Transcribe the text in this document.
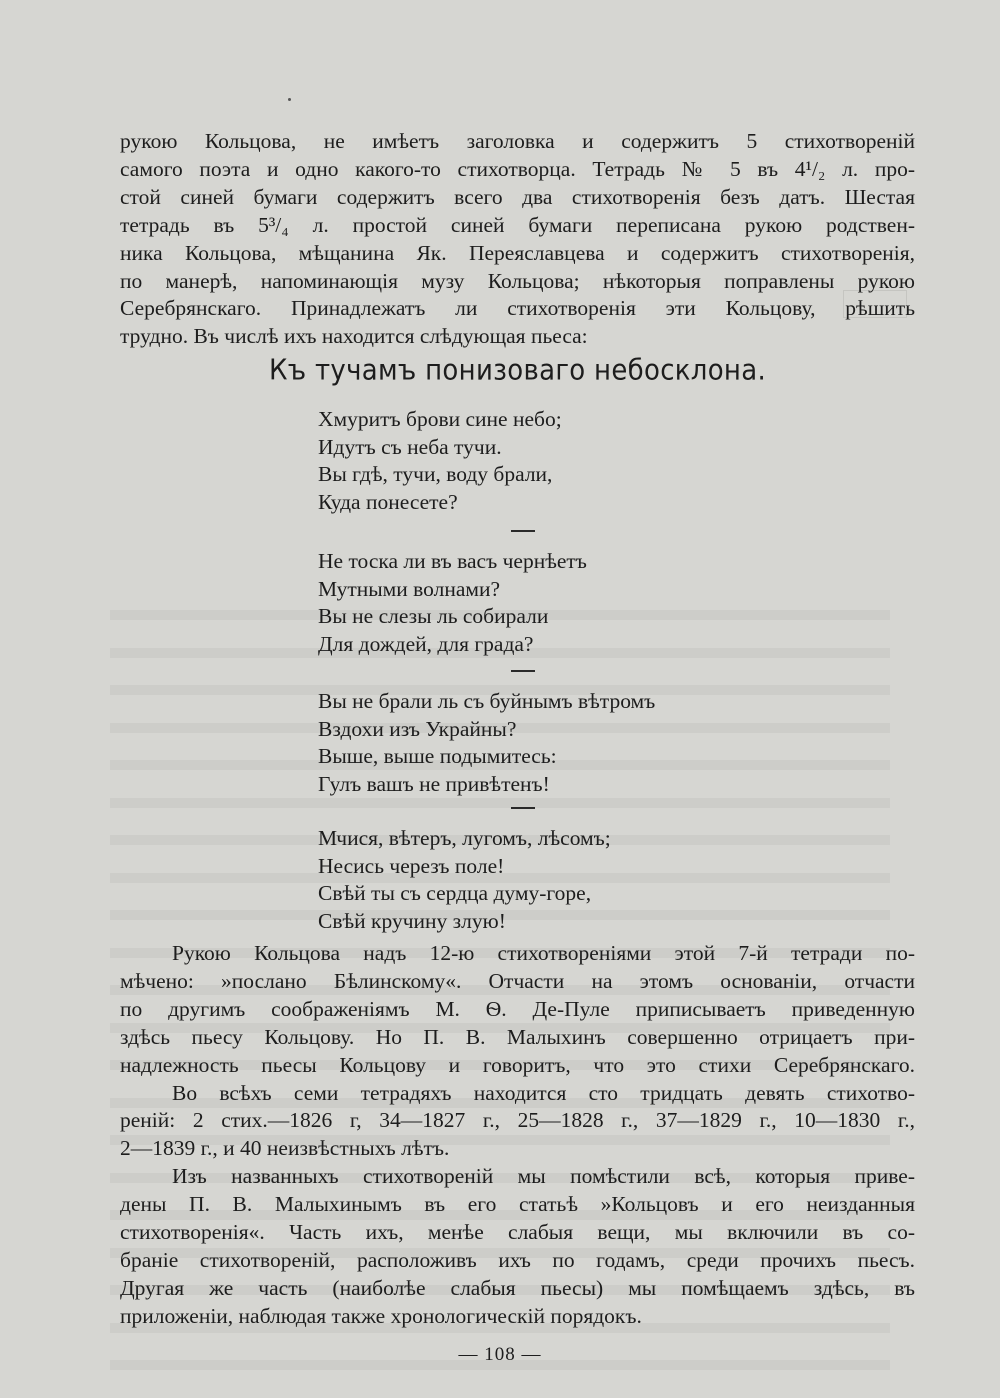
рукою Кольцова, не имѣетъ заголовка и содержитъ 5 стихотвореній
самого поэта и одно какого-то стихотворца. Тетрадь № 5 въ 4¹/₂ л. про-
стой синей бумаги содержитъ всего два стихотворенія безъ датъ. Шестая
тетрадь въ 5³/₄ л. простой синей бумаги переписана рукою родствен-
ника Кольцова, мѣщанина Як. Переяславцева и содержитъ стихотворенія,
по манерѣ, напоминающія музу Кольцова; нѣкоторыя поправлены рукою
Серебрянскаго. Принадлежатъ ли стихотворенія эти Кольцову, рѣшить
трудно. Въ числѣ ихъ находится слѣдующая пьеса:
Къ тучамъ понизоваго небосклона.
Хмуритъ брови сине небо;
Идутъ съ неба тучи.
Вы гдѣ, тучи, воду брали,
Куда понесете?
Не тоска ли въ васъ чернѣетъ
Мутными волнами?
Вы не слезы ль собирали
Для дождей, для града?
Вы не брали ль съ буйнымъ вѣтромъ
Вздохи изъ Украйны?
Выше, выше подымитесь:
Гулъ вашъ не привѣтенъ!
Мчися, вѣтеръ, лугомъ, лѣсомъ;
Несись черезъ поле!
Свѣй ты съ сердца думу-горе,
Свѣй кручину злую!
Рукою Кольцова надъ 12-ю стихотвореніями этой 7-й тетради по-
мѣчено: »послано Бѣлинскому«. Отчасти на этомъ основаніи, отчасти
по другимъ соображеніямъ М. Ѳ. Де-Пуле приписываетъ приведенную
здѣсь пьесу Кольцову. Но П. В. Малыхинъ совершенно отрицаетъ при-
надлежность пьесы Кольцову и говоритъ, что это стихи Серебрянскаго.
Во всѣхъ семи тетрадяхъ находится сто тридцать девять стихотво-
реній: 2 стих.—1826 г, 34—1827 г., 25—1828 г., 37—1829 г., 10—1830 г.,
2—1839 г., и 40 неизвѣстныхъ лѣтъ.
Изъ названныхъ стихотвореній мы помѣстили всѣ, которыя приве-
дены П. В. Малыхинымъ въ его статьѣ »Кольцовъ и его неизданныя
стихотворенія«. Часть ихъ, менѣе слабыя вещи, мы включили въ со-
браніе стихотвореній, расположивъ ихъ по годамъ, среди прочихъ пьесъ.
Другая же часть (наиболѣе слабыя пьесы) мы помѣщаемъ здѣсь, въ
приложеніи, наблюдая также хронологическій порядокъ.
— 108 —
